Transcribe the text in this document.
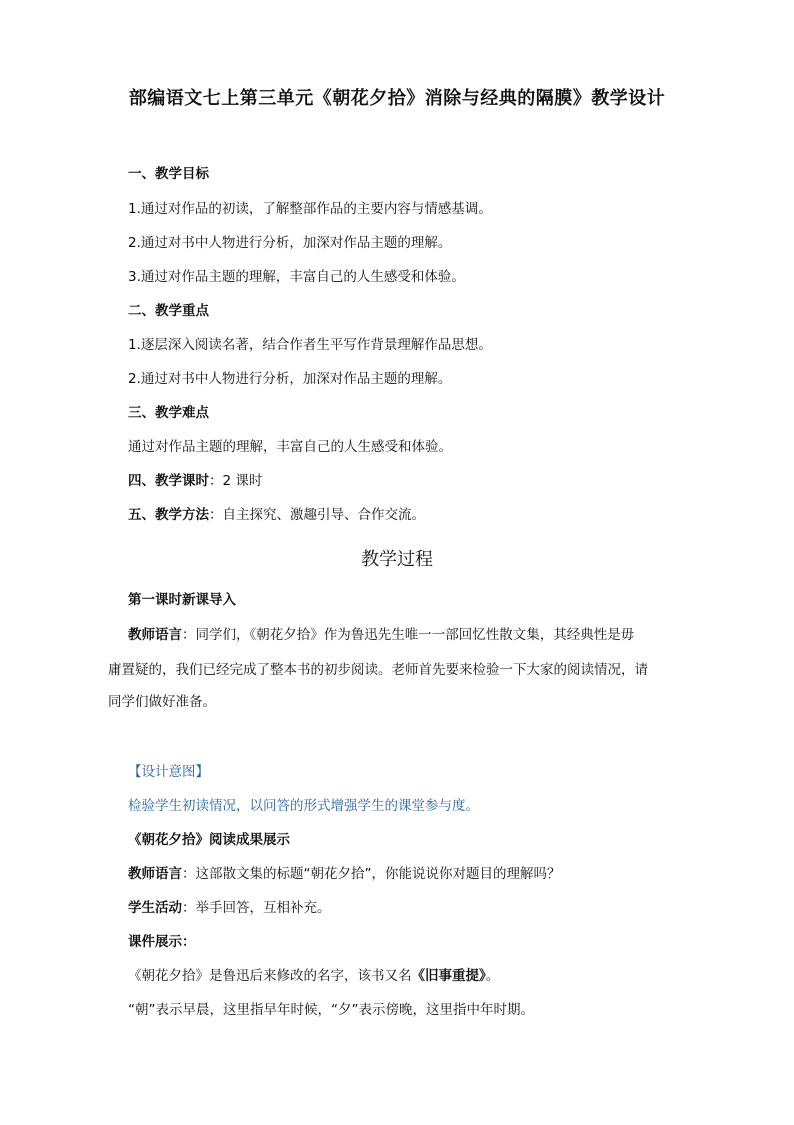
部编语文七上第三单元《朝花夕拾》消除与经典的隔膜》教学设计
一、教学目标
1.通过对作品的初读，了解整部作品的主要内容与情感基调。
2.通过对书中人物进行分析，加深对作品主题的理解。
3.通过对作品主题的理解，丰富自己的人生感受和体验。
二、教学重点
1.逐层深入阅读名著，结合作者生平写作背景理解作品思想。
2.通过对书中人物进行分析，加深对作品主题的理解。
三、教学难点
通过对作品主题的理解，丰富自己的人生感受和体验。
四、教学课时：2 课时
五、教学方法：自主探究、激趣引导、合作交流。
教学过程
第一课时新课导入
教师语言：同学们，《朝花夕拾》作为鲁迅先生唯一一部回忆性散文集，其经典性是毋
庸置疑的，我们已经完成了整本书的初步阅读。老师首先要来检验一下大家的阅读情况，请
同学们做好准备。
【设计意图】
检验学生初读情况，以问答的形式增强学生的课堂参与度。
《朝花夕拾》阅读成果展示
教师语言：这部散文集的标题“朝花夕拾”，你能说说你对题目的理解吗？
学生活动：举手回答，互相补充。
课件展示：
《朝花夕拾》是鲁迅后来修改的名字，该书又名《旧事重提》。
“朝”表示早晨，这里指早年时候，“夕”表示傍晚，这里指中年时期。
